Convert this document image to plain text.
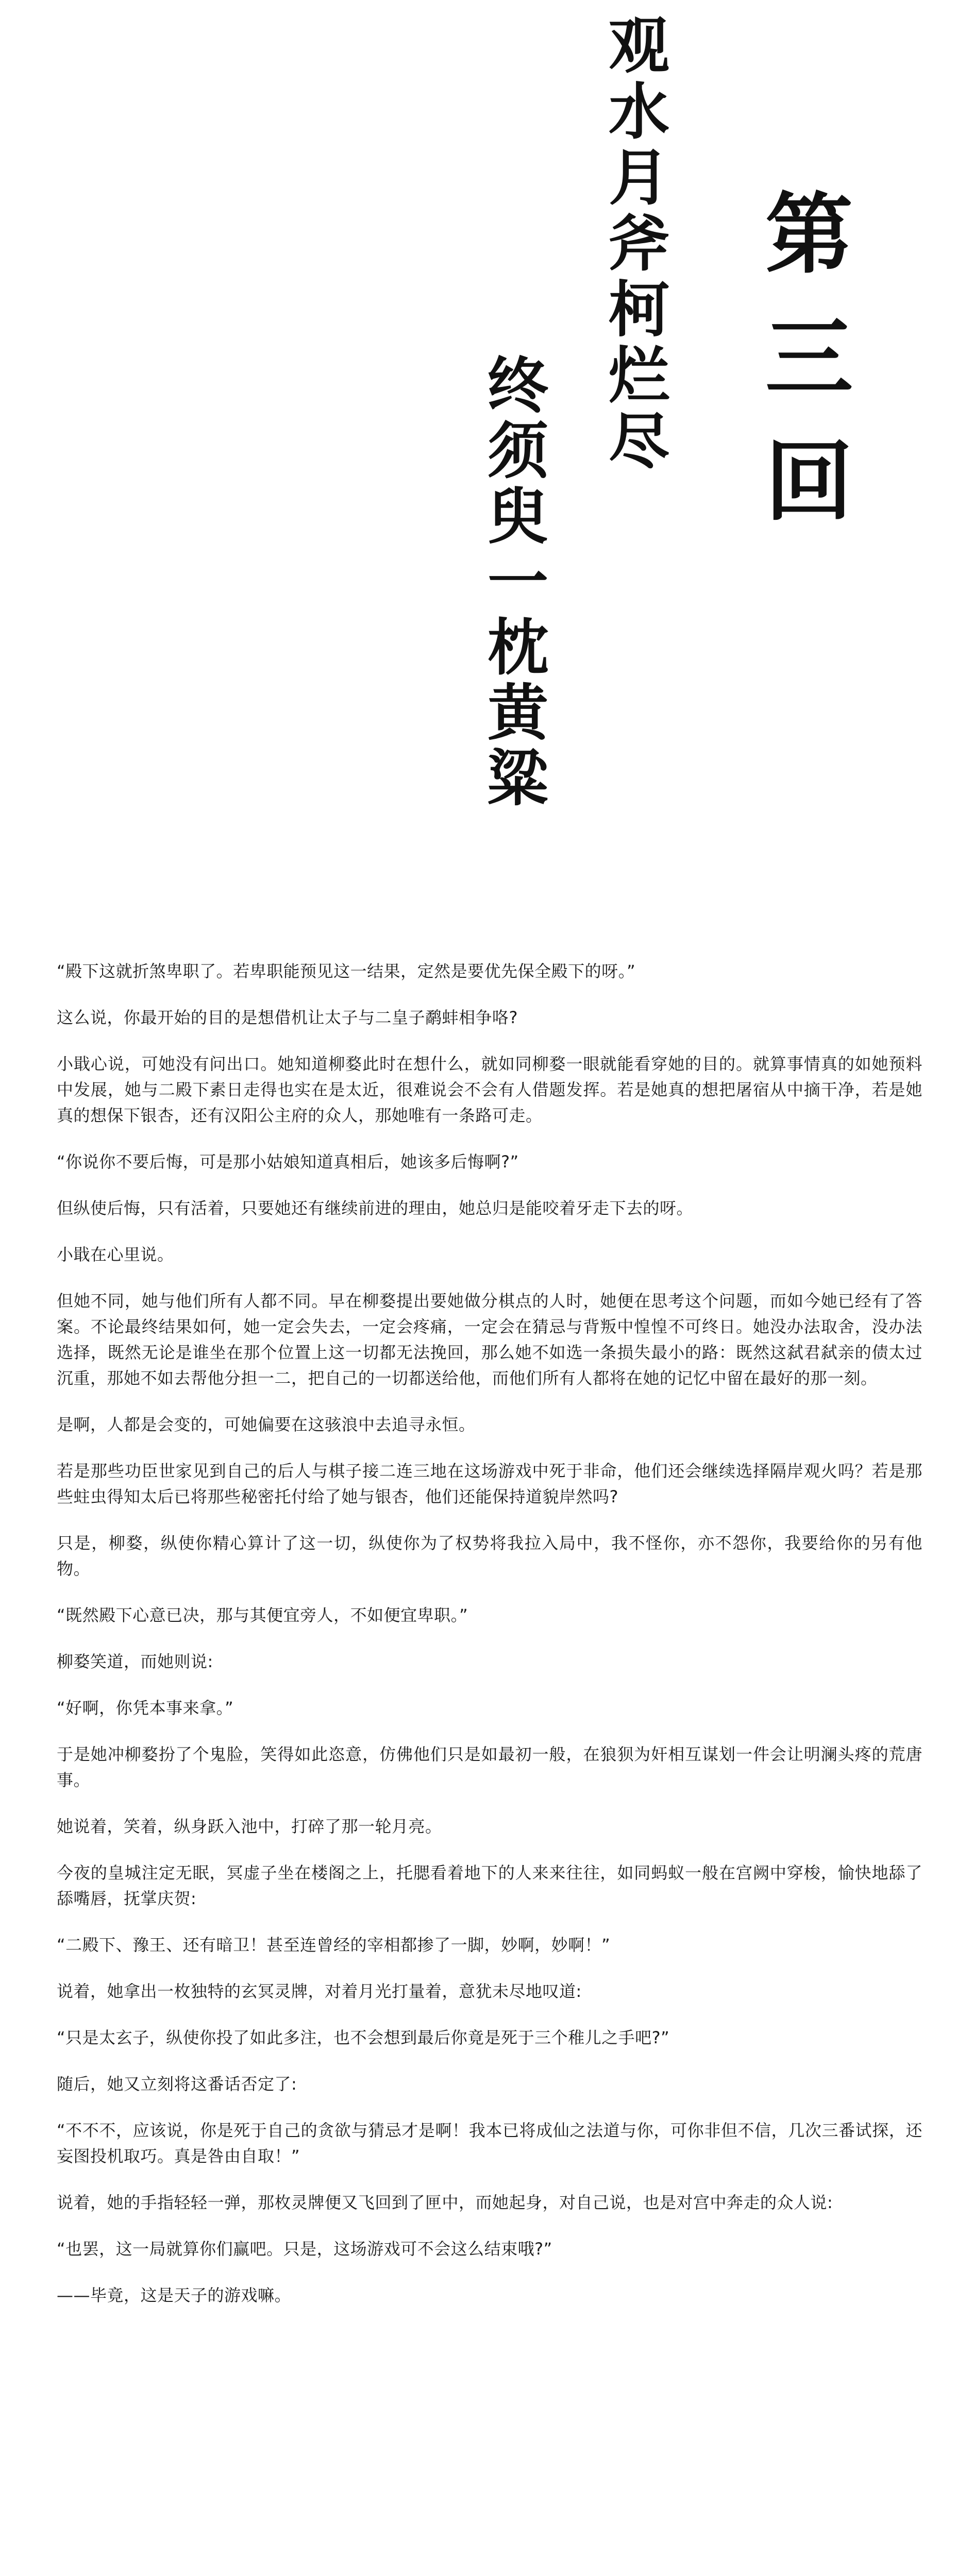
第
三
回
观
水
月
斧
柯
烂
尽
终
须
臾
一
枕
黄
粱

“殿下这就折煞卑职了。若卑职能预见这一结果，定然是要优先保全殿下的呀。”

这么说，你最开始的目的是想借机让太子与二皇子鹬蚌相争咯?

小戢心说，可她没有问出口。她知道柳婺此时在想什么，就如同柳婺一眼就能看穿她的目的。就算事情真的如她预料中发展，她与二殿下素日走得也实在是太近，很难说会不会有人借题发挥。若是她真的想把屠宿从中摘干净，若是她真的想保下银杏，还有汉阳公主府的众人，那她唯有一条路可走。

“你说你不要后悔，可是那小姑娘知道真相后，她该多后悔啊?”

但纵使后悔，只有活着，只要她还有继续前进的理由，她总归是能咬着牙走下去的呀。

小戢在心里说。

但她不同，她与他们所有人都不同。早在柳婺提出要她做分棋点的人时，她便在思考这个问题，而如今她已经有了答案。不论最终结果如何，她一定会失去，一定会疼痛，一定会在猜忌与背叛中惶惶不可终日。她没办法取舍，没办法选择，既然无论是谁坐在那个位置上这一切都无法挽回，那么她不如选一条损失最小的路：既然这弑君弑亲的债太过沉重，那她不如去帮他分担一二，把自己的一切都送给他，而他们所有人都将在她的记忆中留在最好的那一刻。

是啊，人都是会变的，可她偏要在这骇浪中去追寻永恒。

若是那些功臣世家见到自己的后人与棋子接二连三地在这场游戏中死于非命，他们还会继续选择隔岸观火吗？若是那些蛀虫得知太后已将那些秘密托付给了她与银杏，他们还能保持道貌岸然吗?

只是，柳婺，纵使你精心算计了这一切，纵使你为了权势将我拉入局中，我不怪你，亦不怨你，我要给你的另有他物。

“既然殿下心意已决，那与其便宜旁人，不如便宜卑职。”

柳婺笑道，而她则说:

“好啊，你凭本事来拿。”

于是她冲柳婺扮了个鬼脸，笑得如此恣意，仿佛他们只是如最初一般，在狼狈为奸相互谋划一件会让明澜头疼的荒唐事。

她说着，笑着，纵身跃入池中，打碎了那一轮月亮。

今夜的皇城注定无眠，冥虚子坐在楼阁之上，托腮看着地下的人来来往往，如同蚂蚁一般在宫阙中穿梭，愉快地舔了舔嘴唇，抚掌庆贺:

“二殿下、豫王、还有暗卫！甚至连曾经的宰相都掺了一脚，妙啊，妙啊！”

说着，她拿出一枚独特的玄冥灵牌，对着月光打量着，意犹未尽地叹道:

“只是太玄子，纵使你投了如此多注，也不会想到最后你竟是死于三个稚儿之手吧?”

随后，她又立刻将这番话否定了:

“不不不，应该说，你是死于自己的贪欲与猜忌才是啊！我本已将成仙之法道与你，可你非但不信，几次三番试探，还妄图投机取巧。真是咎由自取！”

说着，她的手指轻轻一弹，那枚灵牌便又飞回到了匣中，而她起身，对自己说，也是对宫中奔走的众人说:

“也罢，这一局就算你们赢吧。只是，这场游戏可不会这么结束哦?”

——毕竟，这是天子的游戏嘛。
